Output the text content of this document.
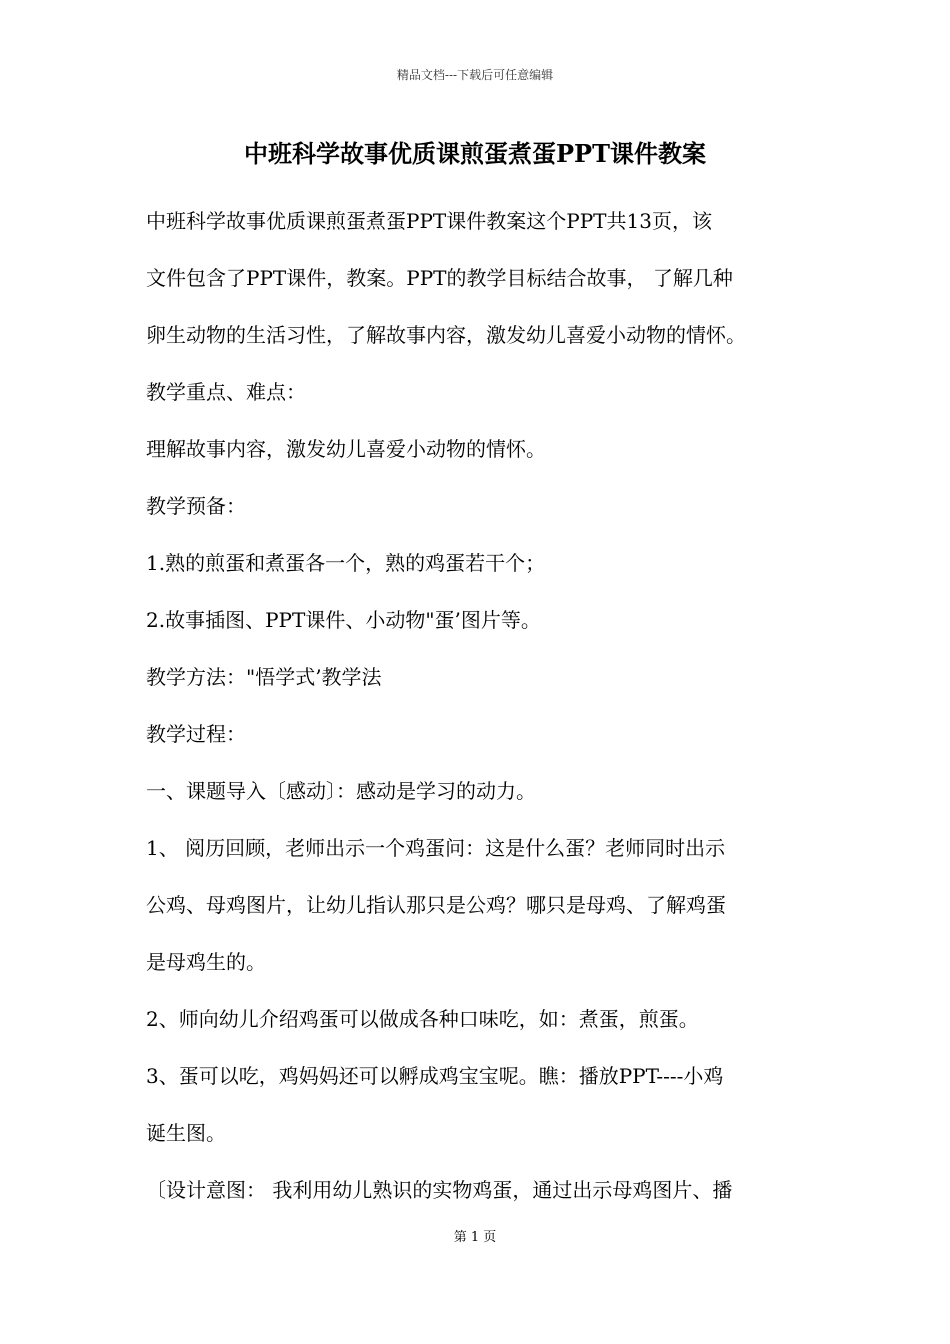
精品文档---下载后可任意编辑
中班科学故事优质课煎蛋煮蛋PPT课件教案
中班科学故事优质课煎蛋煮蛋PPT课件教案这个PPT共13页，该
文件包含了PPT课件，教案。PPT的教学目标结合故事， 了解几种
卵生动物的生活习性，了解故事内容，激发幼儿喜爱小动物的情怀。
教学重点、难点：
理解故事内容，激发幼儿喜爱小动物的情怀。
教学预备：
1.熟的煎蛋和煮蛋各一个，熟的鸡蛋若干个；
2.故事插图、PPT课件、小动物"蛋’图片等。
教学方法："悟学式’教学法
教学过程：
一、课题导入〔感动〕：感动是学习的动力。
1、 阅历回顾，老师出示一个鸡蛋问：这是什么蛋？老师同时出示
公鸡、母鸡图片，让幼儿指认那只是公鸡？哪只是母鸡、了解鸡蛋
是母鸡生的。
2、师向幼儿介绍鸡蛋可以做成各种口味吃，如：煮蛋，煎蛋。
3、蛋可以吃，鸡妈妈还可以孵成鸡宝宝呢。瞧：播放PPT----小鸡
诞生图。
〔设计意图： 我利用幼儿熟识的实物鸡蛋，通过出示母鸡图片、播
第 1 页
